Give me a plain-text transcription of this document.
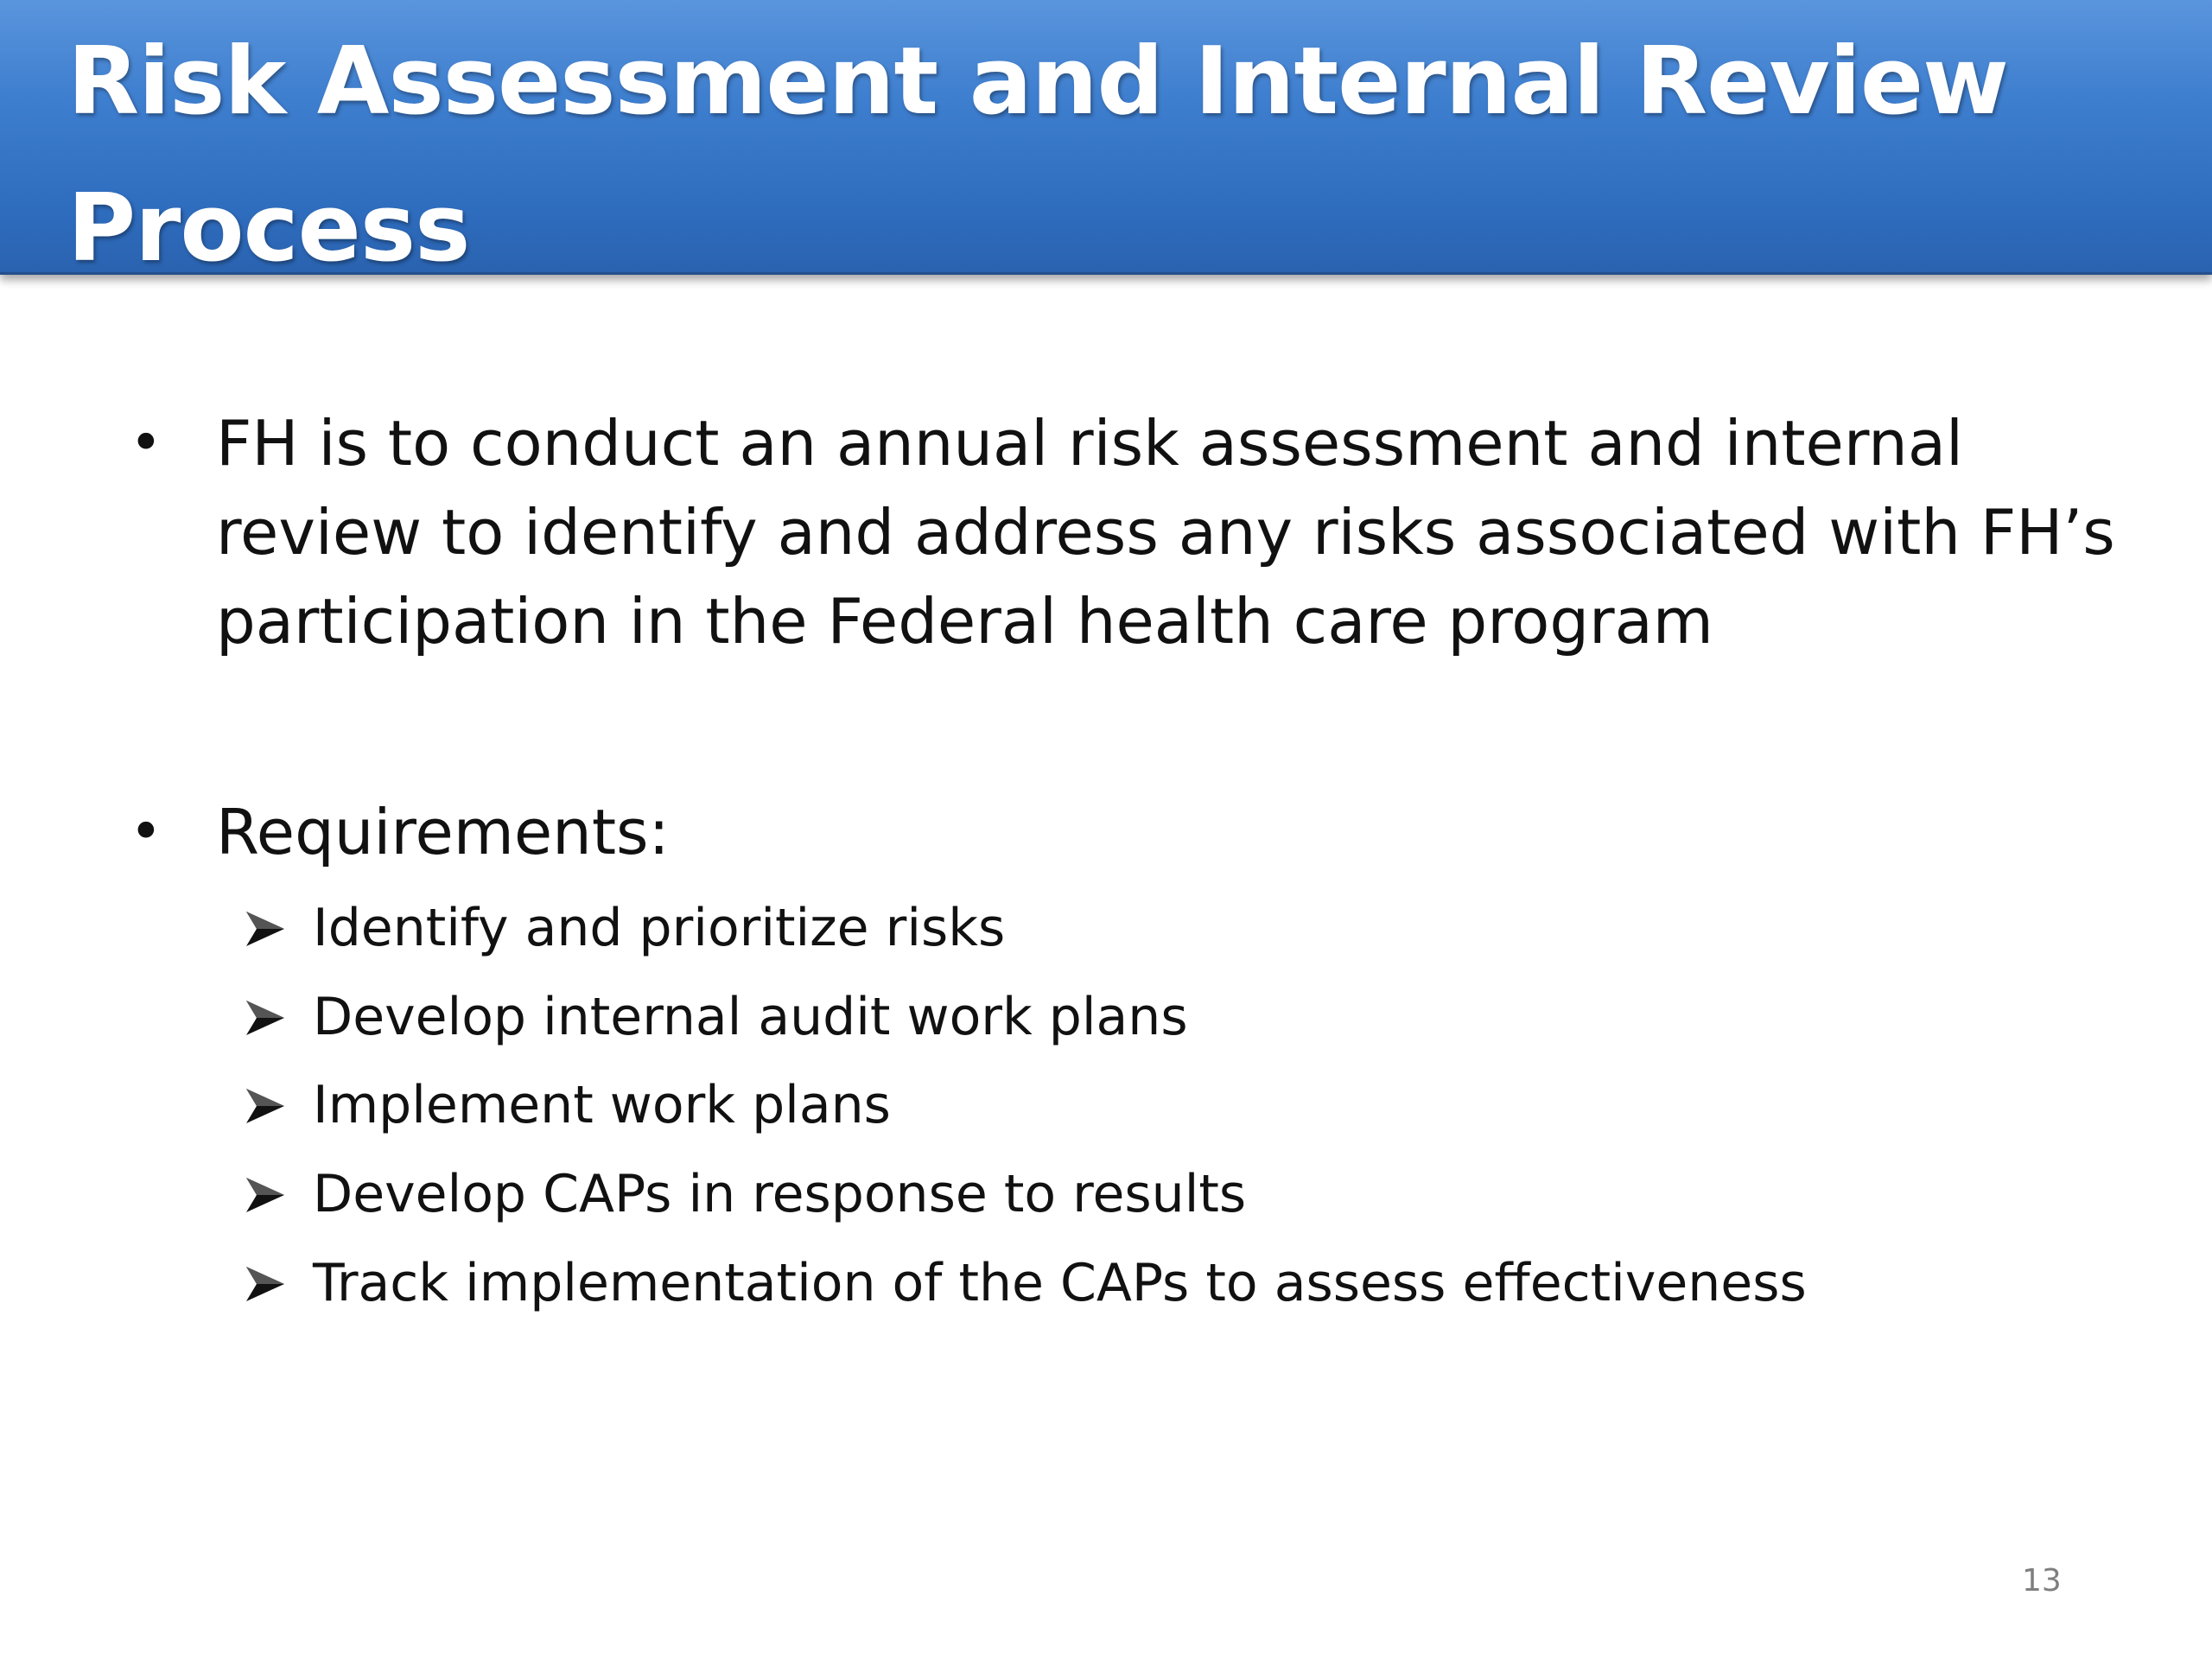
Risk Assessment and Internal Review Process
• FH is to conduct an annual risk assessment and internal review to identify and address any risks associated with FH’s participation in the Federal health care program
• Requirements:
Identify and prioritize risks
Develop internal audit work plans
Implement work plans
Develop CAPs in response to results
Track implementation of the CAPs to assess effectiveness
13
